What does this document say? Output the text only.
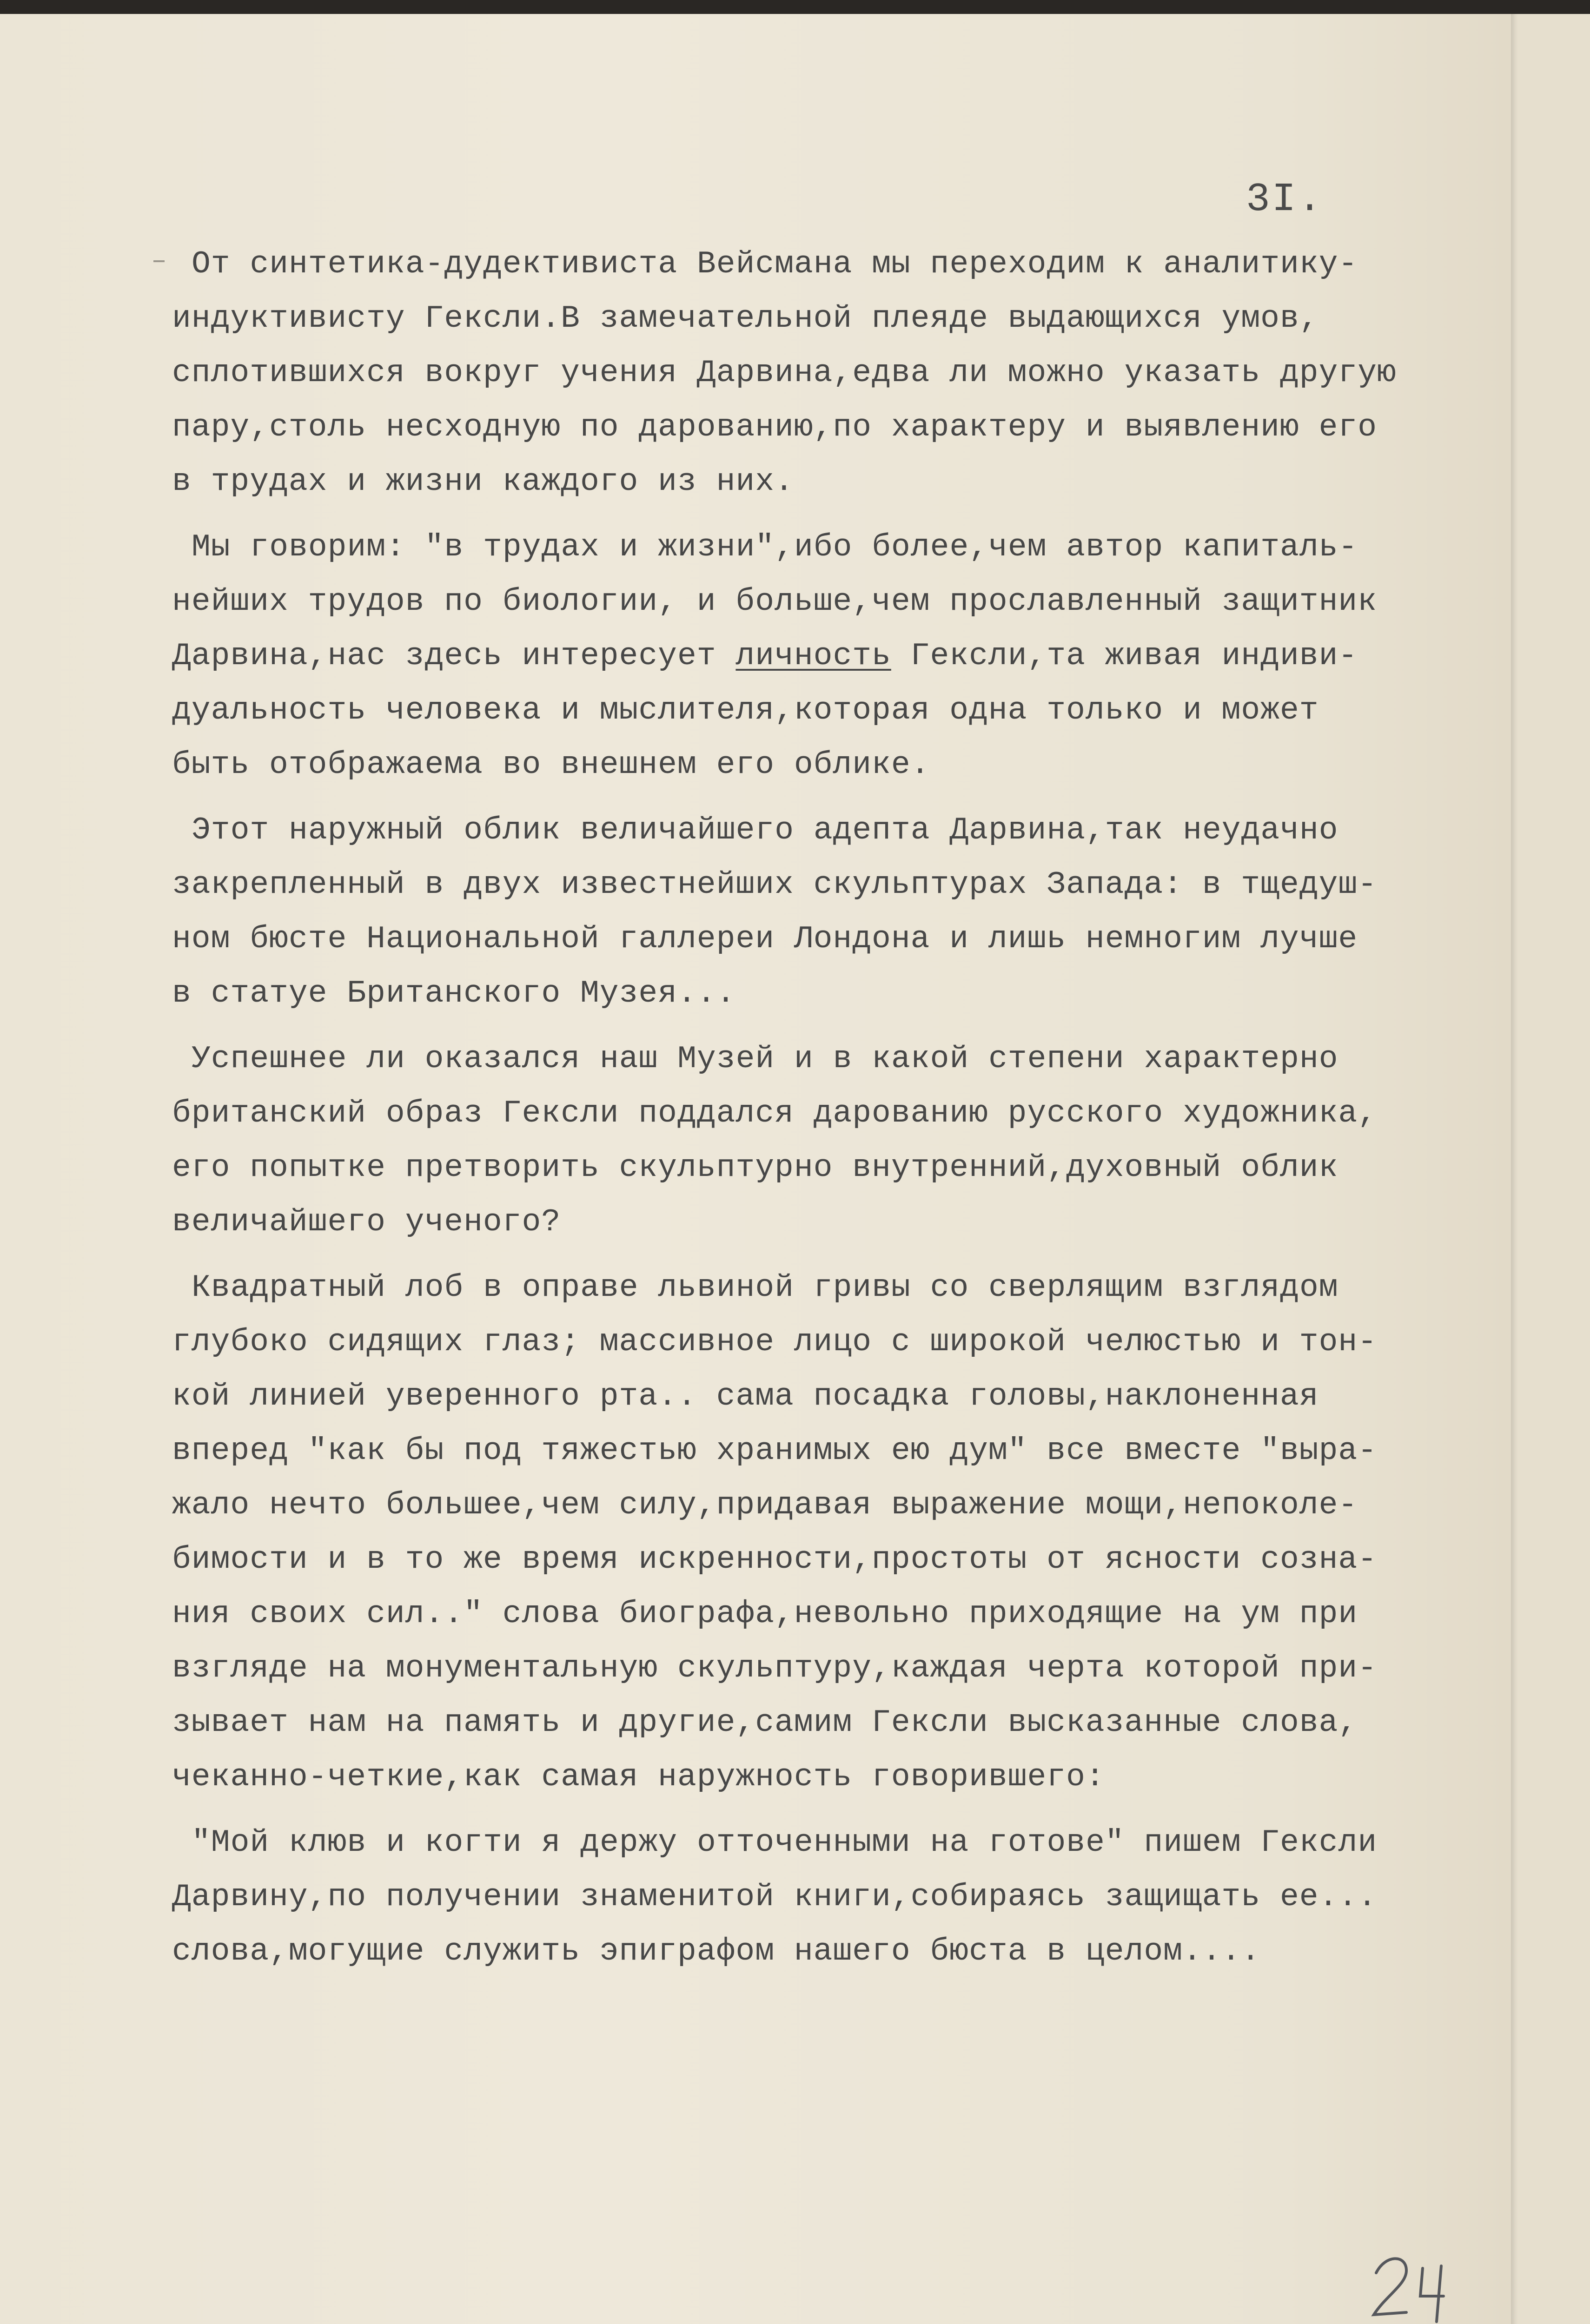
3I.
От синтетика-дудективиста Вейсмана мы переходим к аналитику-
индуктивисту Гексли.В замечательной плеяде выдающихся умов,
сплотившихся вокруг учения Дарвина,едва ли можно указать другую
пару,столь несходную по дарованию,по характеру и выявлению его
в трудах и жизни каждого из них.
Мы говорим: "в трудах и жизни",ибо более,чем автор капиталь-
нейших трудов по биологии, и больше,чем прославленный защитник
Дарвина,нас здесь интересует личность Гексли,та живая индиви-
дуальность человека и мыслителя,которая одна только и может
быть отображаема во внешнем его облике.
Этот наружный облик величайшего адепта Дарвина,так неудачно
закрепленный в двух известнейших скульптурах Запада: в тщедуш-
ном бюсте Национальной галлереи Лондона и лишь немногим лучше
в статуе Британского Музея...
Успешнее ли оказался наш Музей и в какой степени характерно
британский образ Гексли поддался дарованию русского художника,
его попытке претворить скульптурно внутренний,духовный облик
величайшего ученого?
Квадратный лоб в оправе львиной гривы со сверлящим взглядом
глубоко сидящих глаз; массивное лицо с широкой челюстью и тон-
кой линией уверенного рта.. сама посадка головы,наклоненная
вперед "как бы под тяжестью хранимых ею дум" все вместе "выра-
жало нечто большее,чем силу,придавая выражение мощи,непоколе-
бимости и в то же время искренности,простоты от ясности созна-
ния своих сил.." слова биографа,невольно приходящие на ум при
взгляде на монументальную скульптуру,каждая черта которой при-
зывает нам на память и другие,самим Гексли высказанные слова,
чеканно-четкие,как самая наружность говорившего:
"Мой клюв и когти я держу отточенными на готове" пишем Гексли
Дарвину,по получении знаменитой книги,собираясь защищать ее...
слова,могущие служить эпиграфом нашего бюста в целом....
